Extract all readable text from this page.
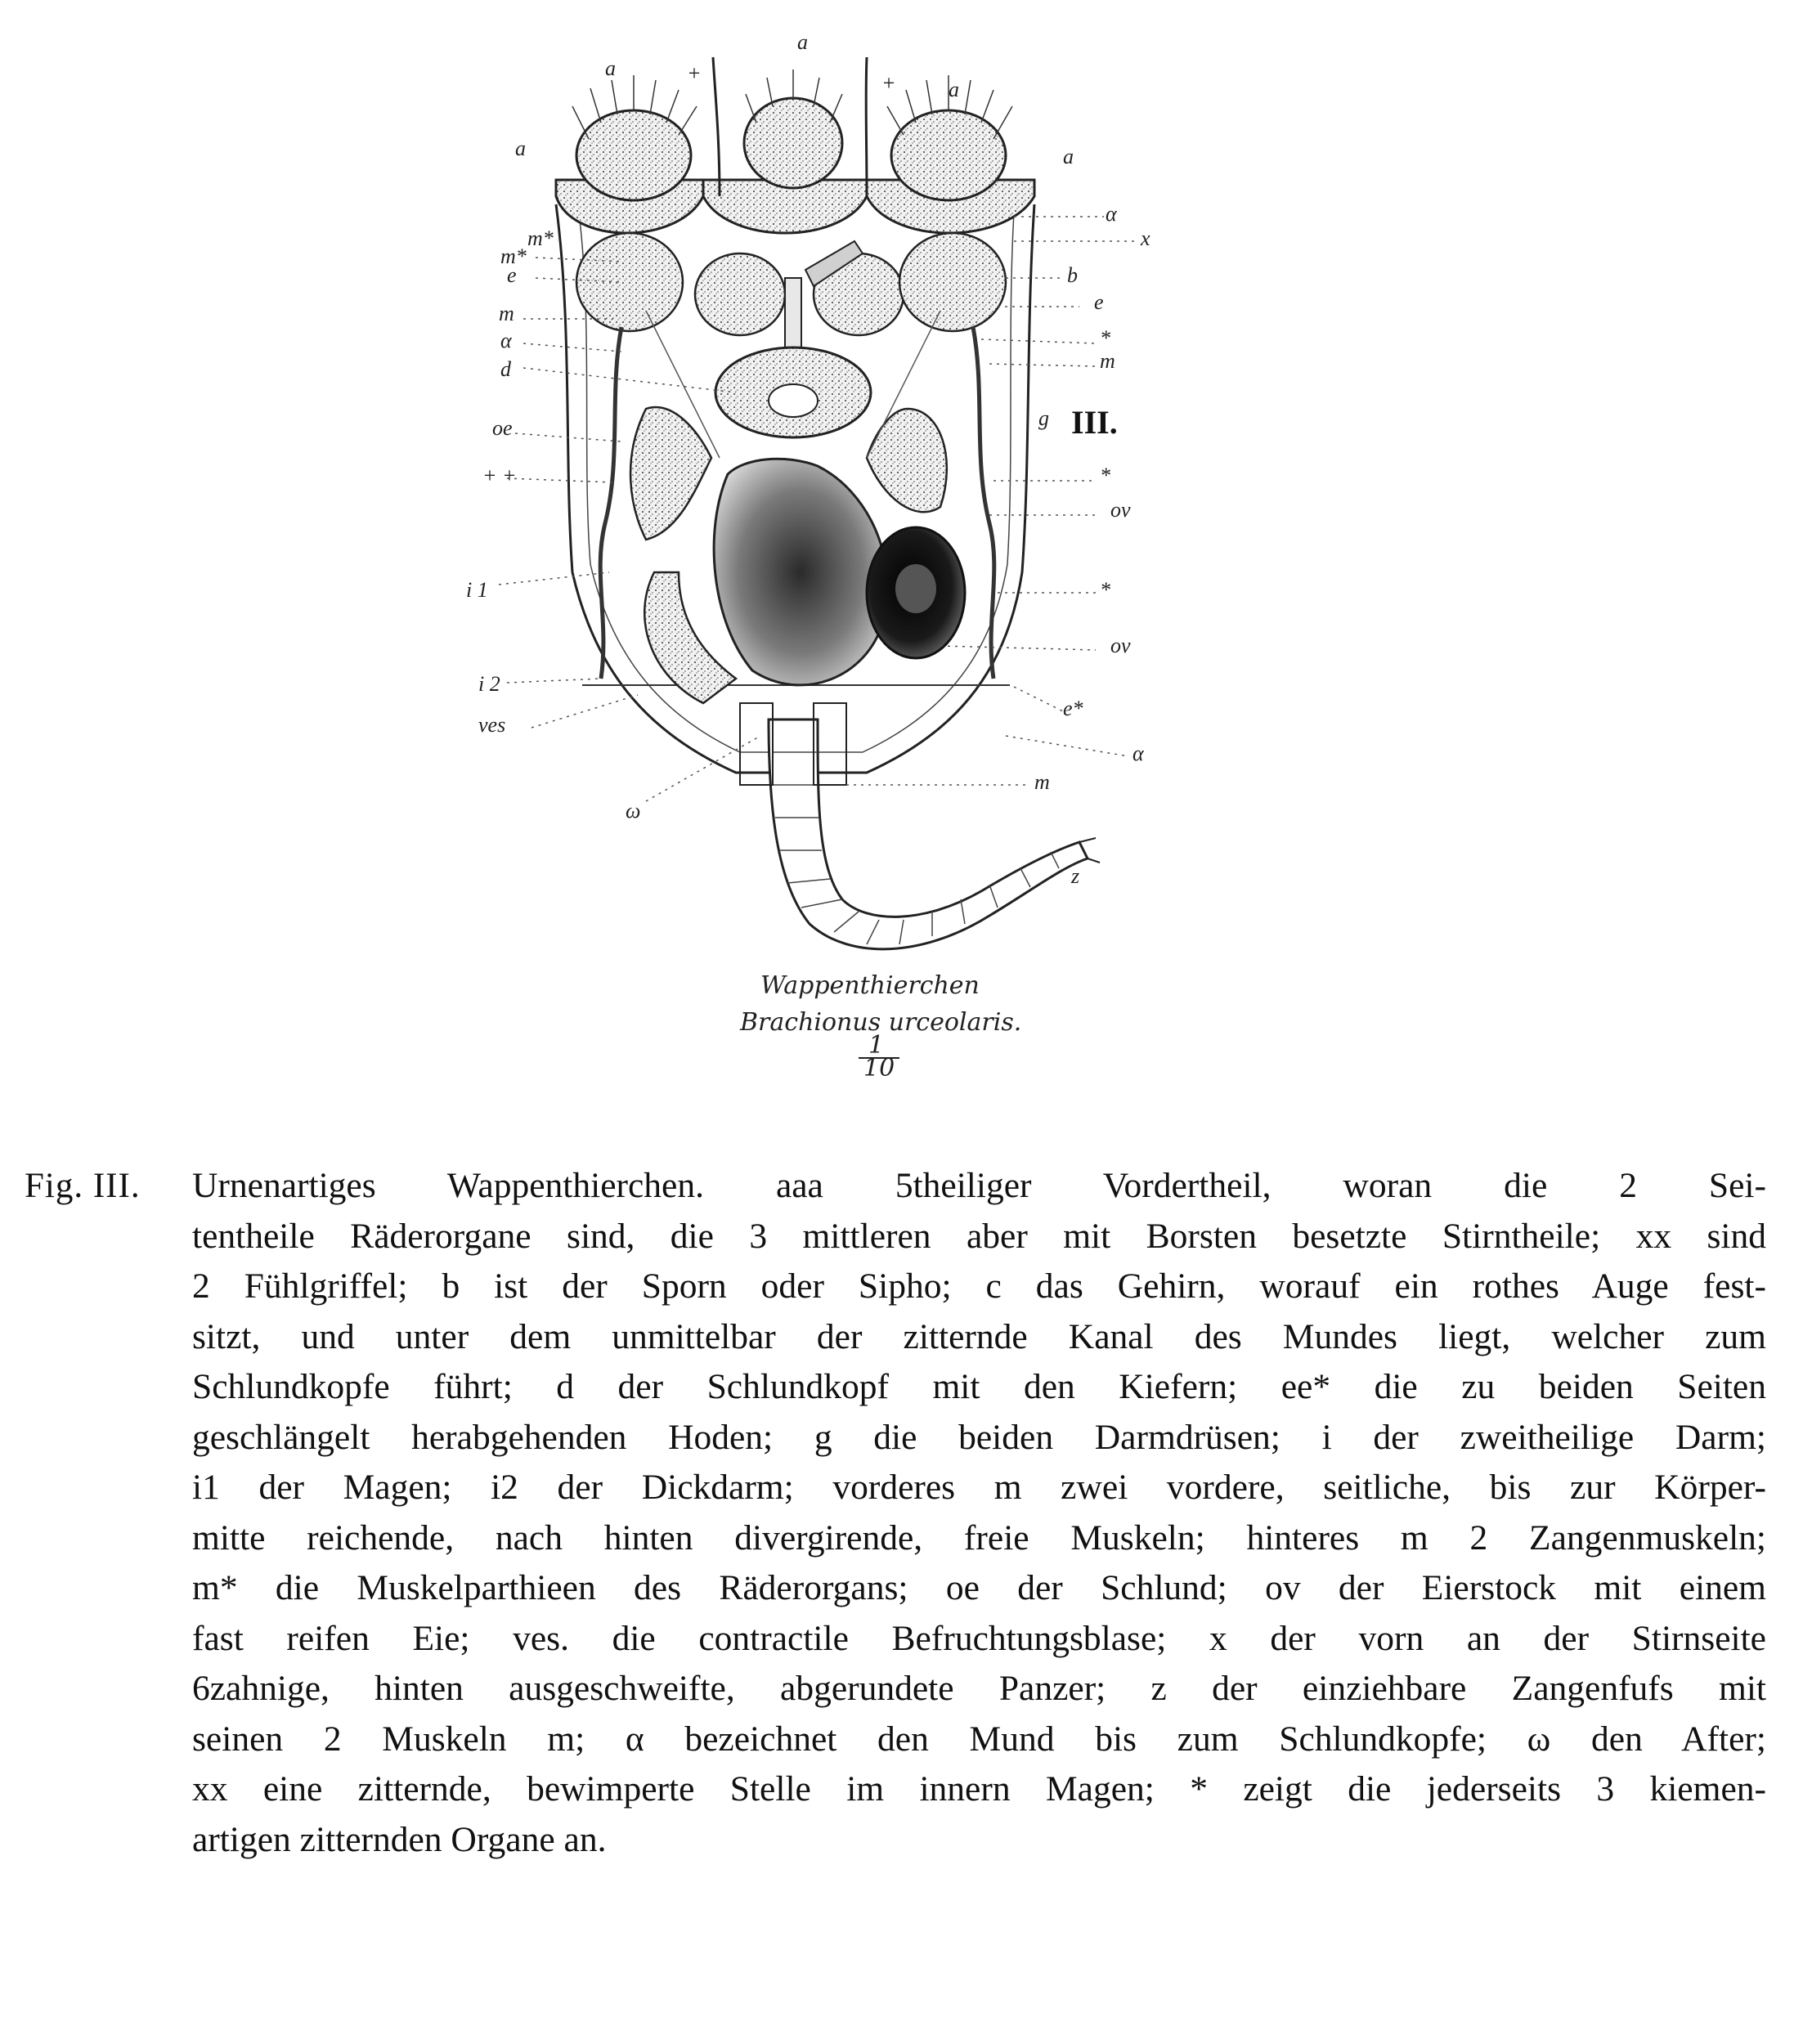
a	+
a
+ a
a
m*
m*
e
m
α
d
oe
+ +
i 1
i 2
ves
a
α
x
b
e
*
m
g
*
ov
*
ov
e*
α
m
z
ω
III.
Wappenthierchen
Brachionus urceolaris.
1
10
Fig. III.	Urnenartiges Wappenthierchen. aaa 5theiliger Vordertheil, woran die 2 Sei-
tentheile Räderorgane sind, die 3 mittleren aber mit Borsten besetzte Stirntheile; xx sind
2 Fühlgriffel; b ist der Sporn oder Sipho; c das Gehirn, worauf ein rothes Auge fest-
sitzt, und unter dem unmittelbar der zitternde Kanal des Mundes liegt, welcher zum
Schlundkopfe führt; d der Schlundkopf mit den Kiefern; ee* die zu beiden Seiten
geschlängelt herabgehenden Hoden; g die beiden Darmdrüsen; i der zweitheilige Darm;
i1 der Magen; i2 der Dickdarm; vorderes m zwei vordere, seitliche, bis zur Körper-
mitte reichende, nach hinten divergirende, freie Muskeln; hinteres m 2 Zangenmuskeln;
m* die Muskelparthieen des Räderorgans; oe der Schlund; ov der Eierstock mit einem
fast reifen Eie; ves. die contractile Befruchtungsblase; x der vorn an der Stirnseite
6zahnige, hinten ausgeschweifte, abgerundete Panzer; z der einziehbare Zangenfufs mit
seinen 2 Muskeln m; α bezeichnet den Mund bis zum Schlundkopfe; ω den After;
xx eine zitternde, bewimperte Stelle im innern Magen; * zeigt die jederseits 3 kiemen-
artigen zitternden Organe an.
